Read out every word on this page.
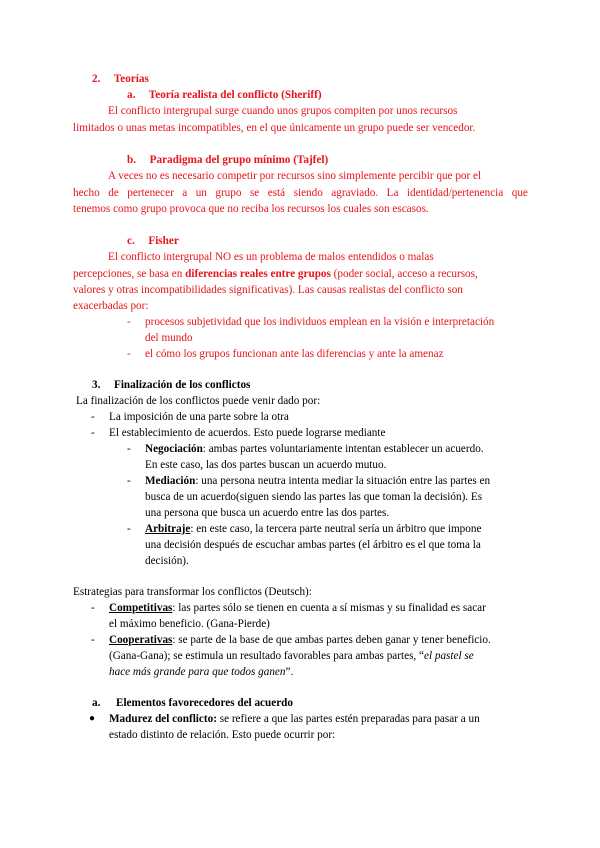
2. Teorías
a. Teoría realista del conflicto (Sheriff)
El conflicto intergrupal surge cuando unos grupos compiten por unos recursos
limitados o unas metas incompatibles, en el que únicamente un grupo puede ser vencedor.
b. Paradigma del grupo mínimo (Tajfel)
A veces no es necesario competir por recursos sino simplemente percibir que por el
hecho de pertenecer a un grupo se está siendo agraviado. La identidad/pertenencia que
tenemos como grupo provoca que no reciba los recursos los cuales son escasos.
c. Fisher
El conflicto intergrupal NO es un problema de malos entendidos o malas
percepciones, se basa en diferencias reales entre grupos (poder social, acceso a recursos,
valores y otras incompatibilidades significativas). Las causas realistas del conflicto son
exacerbadas por:
- procesos subjetividad que los individuos emplean en la visión e interpretación
del mundo
- el cómo los grupos funcionan ante las diferencias y ante la amenaz
3. Finalización de los conflictos
La finalización de los conflictos puede venir dado por:
- La imposición de una parte sobre la otra
- El establecimiento de acuerdos. Esto puede lograrse mediante
- Negociación: ambas partes voluntariamente intentan establecer un acuerdo.
En este caso, las dos partes buscan un acuerdo mutuo.
- Mediación: una persona neutra intenta mediar la situación entre las partes en
busca de un acuerdo(siguen siendo las partes las que toman la decisión). Es
una persona que busca un acuerdo entre las dos partes.
- Arbitraje: en este caso, la tercera parte neutral sería un árbitro que impone
una decisión después de escuchar ambas partes (el árbitro es el que toma la
decisión).
Estrategias para transformar los conflictos (Deutsch):
- Competitivas: las partes sólo se tienen en cuenta a sí mismas y su finalidad es sacar
el máximo beneficio. (Gana-Pierde)
- Cooperativas: se parte de la base de que ambas partes deben ganar y tener beneficio.
(Gana-Gana); se estimula un resultado favorables para ambas partes, “el pastel se
hace más grande para que todos ganen”.
a. Elementos favorecedores del acuerdo
● Madurez del conflicto: se refiere a que las partes estén preparadas para pasar a un
estado distinto de relación. Esto puede ocurrir por:
